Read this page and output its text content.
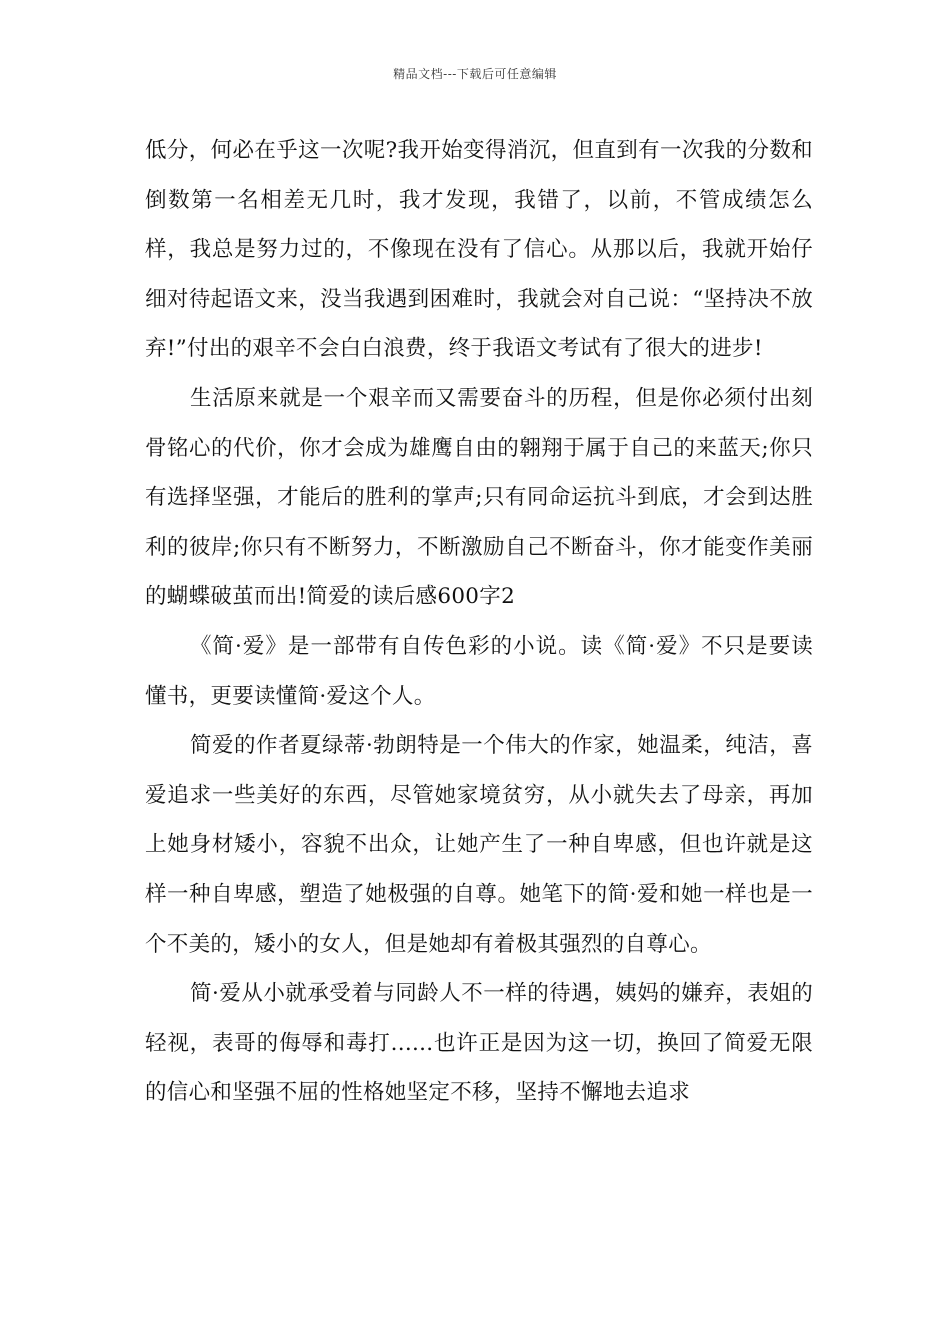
精品文档---下载后可任意编辑

低分，何必在乎这一次呢?我开始变得消沉，但直到有一次我的分数和倒数第一名相差无几时，我才发现，我错了，以前，不管成绩怎么样，我总是努力过的，不像现在没有了信心。从那以后，我就开始仔细对待起语文来，没当我遇到困难时，我就会对自己说：“坚持决不放弃!”付出的艰辛不会白白浪费，终于我语文考试有了很大的进步!

生活原来就是一个艰辛而又需要奋斗的历程，但是你必须付出刻骨铭心的代价，你才会成为雄鹰自由的翱翔于属于自己的来蓝天;你只有选择坚强，才能后的胜利的掌声;只有同命运抗斗到底，才会到达胜利的彼岸;你只有不断努力，不断激励自己不断奋斗，你才能变作美丽的蝴蝶破茧而出!简爱的读后感600字2

《简·爱》是一部带有自传色彩的小说。读《简·爱》不只是要读懂书，更要读懂简·爱这个人。

简爱的作者夏绿蒂·勃朗特是一个伟大的作家，她温柔，纯洁，喜爱追求一些美好的东西，尽管她家境贫穷，从小就失去了母亲，再加上她身材矮小，容貌不出众，让她产生了一种自卑感，但也许就是这样一种自卑感，塑造了她极强的自尊。她笔下的简·爱和她一样也是一个不美的，矮小的女人，但是她却有着极其强烈的自尊心。

简·爱从小就承受着与同龄人不一样的待遇，姨妈的嫌弃，表姐的轻视，表哥的侮辱和毒打......也许正是因为这一切，换回了简爱无限的信心和坚强不屈的性格她坚定不移，坚持不懈地去追求
